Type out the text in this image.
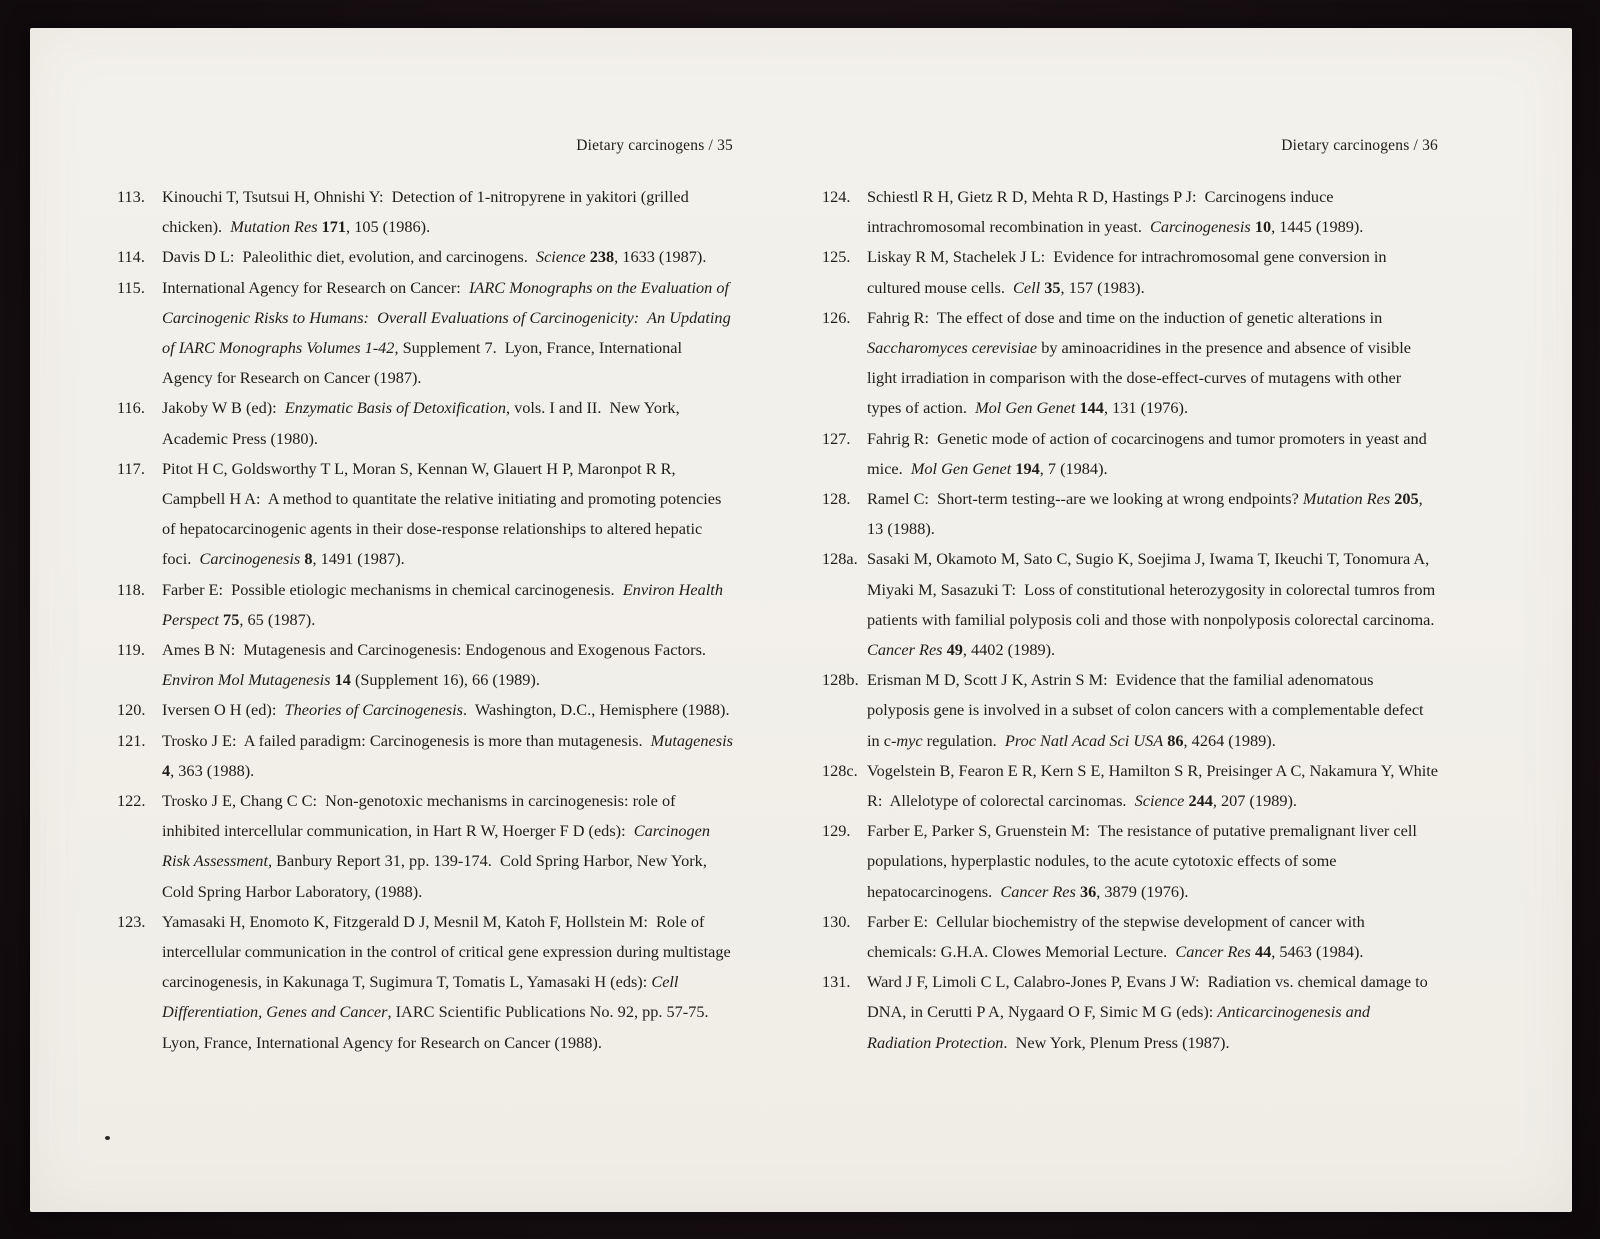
Dietary carcinogens / 35
113. Kinouchi T, Tsutsui H, Ohnishi Y:  Detection of 1-nitropyrene in yakitori (grilled chicken).  Mutation Res 171, 105 (1986).
114. Davis D L:  Paleolithic diet, evolution, and carcinogens.  Science 238, 1633 (1987).
115. International Agency for Research on Cancer:  IARC Monographs on the Evaluation of Carcinogenic Risks to Humans:  Overall Evaluations of Carcinogenicity:  An Updating of IARC Monographs Volumes 1-42, Supplement 7.  Lyon, France, International Agency for Research on Cancer (1987).
116. Jakoby W B (ed):  Enzymatic Basis of Detoxification, vols. I and II.  New York, Academic Press (1980).
117. Pitot H C, Goldsworthy T L, Moran S, Kennan W, Glauert H P, Maronpot R R, Campbell H A:  A method to quantitate the relative initiating and promoting potencies of hepatocarcinogenic agents in their dose-response relationships to altered hepatic foci.  Carcinogenesis 8, 1491 (1987).
118. Farber E:  Possible etiologic mechanisms in chemical carcinogenesis.  Environ Health Perspect 75, 65 (1987).
119. Ames B N:  Mutagenesis and Carcinogenesis: Endogenous and Exogenous Factors.  Environ Mol Mutagenesis 14 (Supplement 16), 66 (1989).
120. Iversen O H (ed):  Theories of Carcinogenesis.  Washington, D.C., Hemisphere (1988).
121. Trosko J E:  A failed paradigm: Carcinogenesis is more than mutagenesis.  Mutagenesis 4, 363 (1988).
122. Trosko J E, Chang C C:  Non-genotoxic mechanisms in carcinogenesis: role of inhibited intercellular communication, in Hart R W, Hoerger F D (eds):  Carcinogen Risk Assessment, Banbury Report 31, pp. 139-174.  Cold Spring Harbor, New York, Cold Spring Harbor Laboratory, (1988).
123. Yamasaki H, Enomoto K, Fitzgerald D J, Mesnil M, Katoh F, Hollstein M:  Role of intercellular communication in the control of critical gene expression during multistage carcinogenesis, in Kakunaga T, Sugimura T, Tomatis L, Yamasaki H (eds): Cell Differentiation, Genes and Cancer, IARC Scientific Publications No. 92, pp. 57-75.  Lyon, France, International Agency for Research on Cancer (1988).
Dietary carcinogens / 36
124. Schiestl R H, Gietz R D, Mehta R D, Hastings P J:  Carcinogens induce intrachromosomal recombination in yeast.  Carcinogenesis 10, 1445 (1989).
125. Liskay R M, Stachelek J L:  Evidence for intrachromosomal gene conversion in cultured mouse cells.  Cell 35, 157 (1983).
126. Fahrig R:  The effect of dose and time on the induction of genetic alterations in Saccharomyces cerevisiae by aminoacridines in the presence and absence of visible light irradiation in comparison with the dose-effect-curves of mutagens with other types of action.  Mol Gen Genet 144, 131 (1976).
127. Fahrig R:  Genetic mode of action of cocarcinogens and tumor promoters in yeast and mice.  Mol Gen Genet 194, 7 (1984).
128. Ramel C:  Short-term testing--are we looking at wrong endpoints? Mutation Res 205, 13 (1988).
128a. Sasaki M, Okamoto M, Sato C, Sugio K, Soejima J, Iwama T, Ikeuchi T, Tonomura A, Miyaki M, Sasazuki T:  Loss of constitutional heterozygosity in colorectal tumros from patients with familial polyposis coli and those with nonpolyposis colorectal carcinoma.  Cancer Res 49, 4402 (1989).
128b. Erisman M D, Scott J K, Astrin S M:  Evidence that the familial adenomatous polyposis gene is involved in a subset of colon cancers with a complementable defect in c-myc regulation.  Proc Natl Acad Sci USA 86, 4264 (1989).
128c. Vogelstein B, Fearon E R, Kern S E, Hamilton S R, Preisinger A C, Nakamura Y, White R:  Allelotype of colorectal carcinomas.  Science 244, 207 (1989).
129. Farber E, Parker S, Gruenstein M:  The resistance of putative premalignant liver cell populations, hyperplastic nodules, to the acute cytotoxic effects of some hepatocarcinogens.  Cancer Res 36, 3879 (1976).
130. Farber E:  Cellular biochemistry of the stepwise development of cancer with chemicals: G.H.A. Clowes Memorial Lecture.  Cancer Res 44, 5463 (1984).
131. Ward J F, Limoli C L, Calabro-Jones P, Evans J W:  Radiation vs. chemical damage to DNA, in Cerutti P A, Nygaard O F, Simic M G (eds): Anticarcinogenesis and Radiation Protection.  New York, Plenum Press (1987).
